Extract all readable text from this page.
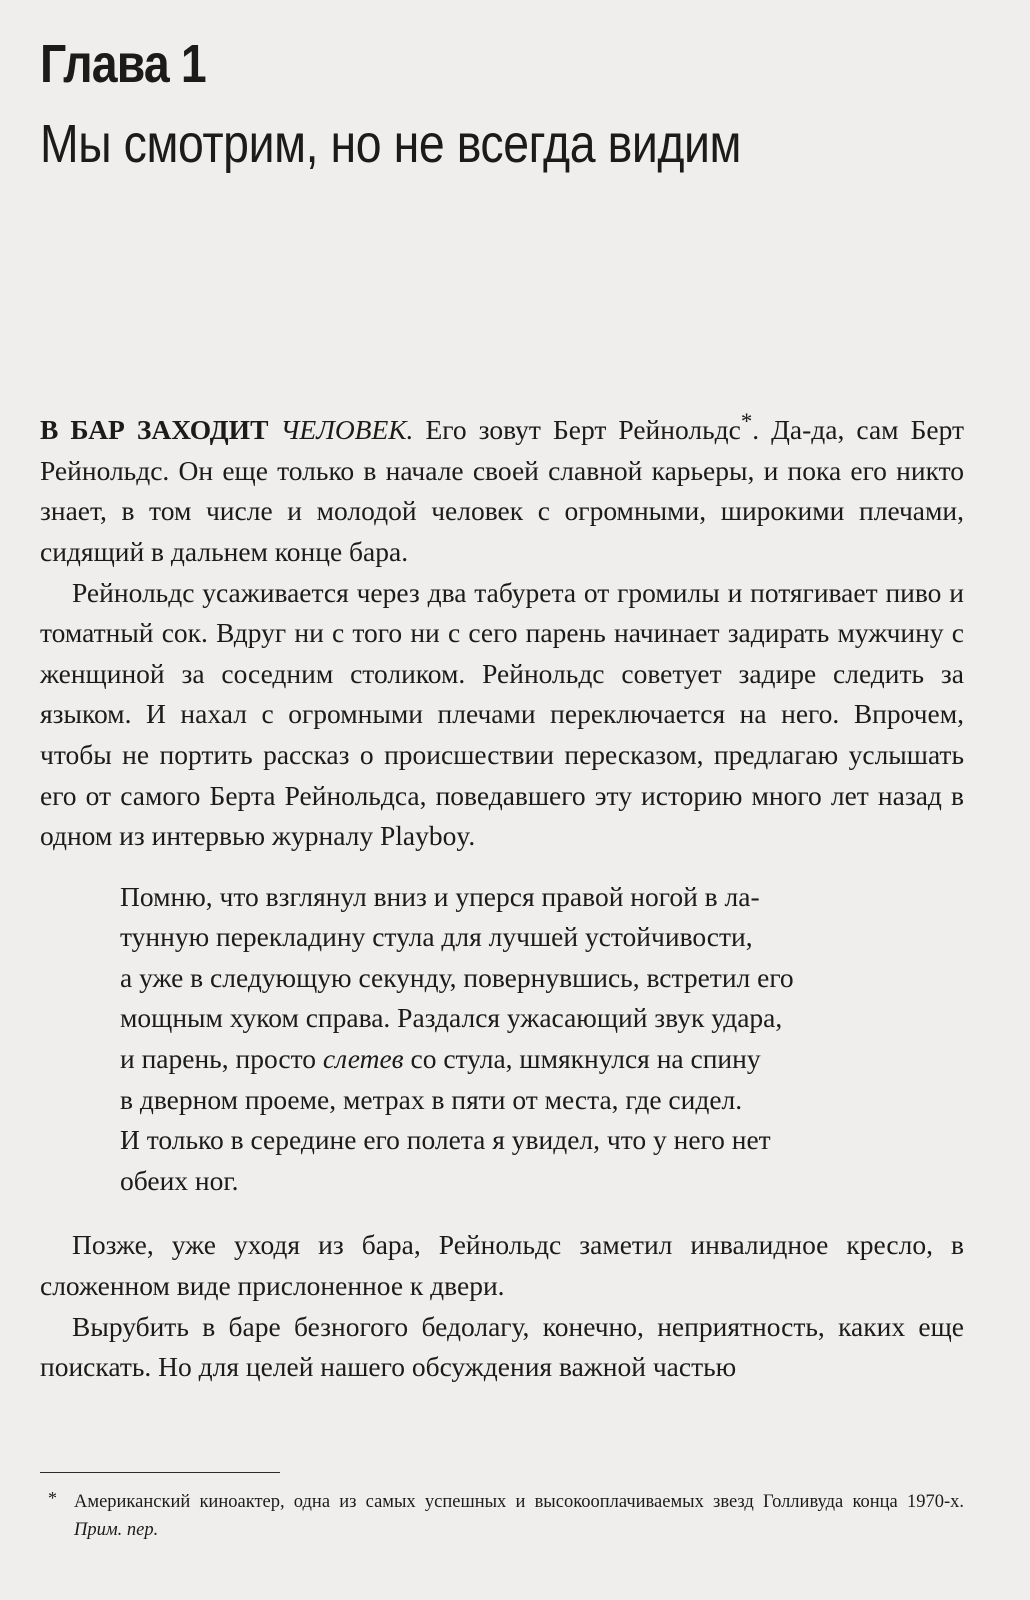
Глава 1
Мы смотрим, но не всегда видим

В БАР ЗАХОДИТ ЧЕЛОВЕК. Его зовут Берт Рейнольдс*. Да-да, сам Берт Рейнольдс. Он еще только в начале своей славной карьеры, и пока его никто знает, в том числе и молодой человек с огромными, широкими плечами, сидящий в дальнем конце бара.

Рейнольдс усаживается через два табурета от громилы и потягивает пиво и томатный сок. Вдруг ни с того ни с сего парень начинает задирать мужчину с женщиной за соседним столиком. Рейнольдс советует задире следить за языком. И нахал с огромными плечами переключается на него. Впрочем, чтобы не портить рассказ о происшествии пересказом, предлагаю услышать его от самого Берта Рейнольдса, поведавшего эту историю много лет назад в одном из интервью журналу Playboy.

Помню, что взглянул вниз и уперся правой ногой в ла-
тунную перекладину стула для лучшей устойчивости,
а уже в следующую секунду, повернувшись, встретил его
мощным хуком справа. Раздался ужасающий звук удара,
и парень, просто слетев со стула, шмякнулся на спину
в дверном проеме, метрах в пяти от места, где сидел.
И только в середине его полета я увидел, что у него нет
обеих ног.

Позже, уже уходя из бара, Рейнольдс заметил инвалидное кресло, в сложенном виде прислоненное к двери.

Вырубить в баре безногого бедолагу, конечно, неприятность, каких еще поискать. Но для целей нашего обсуждения важной частью

* Американский киноактер, одна из самых успешных и высокооплачиваемых звезд Голливуда конца 1970-х. Прим. пер.
